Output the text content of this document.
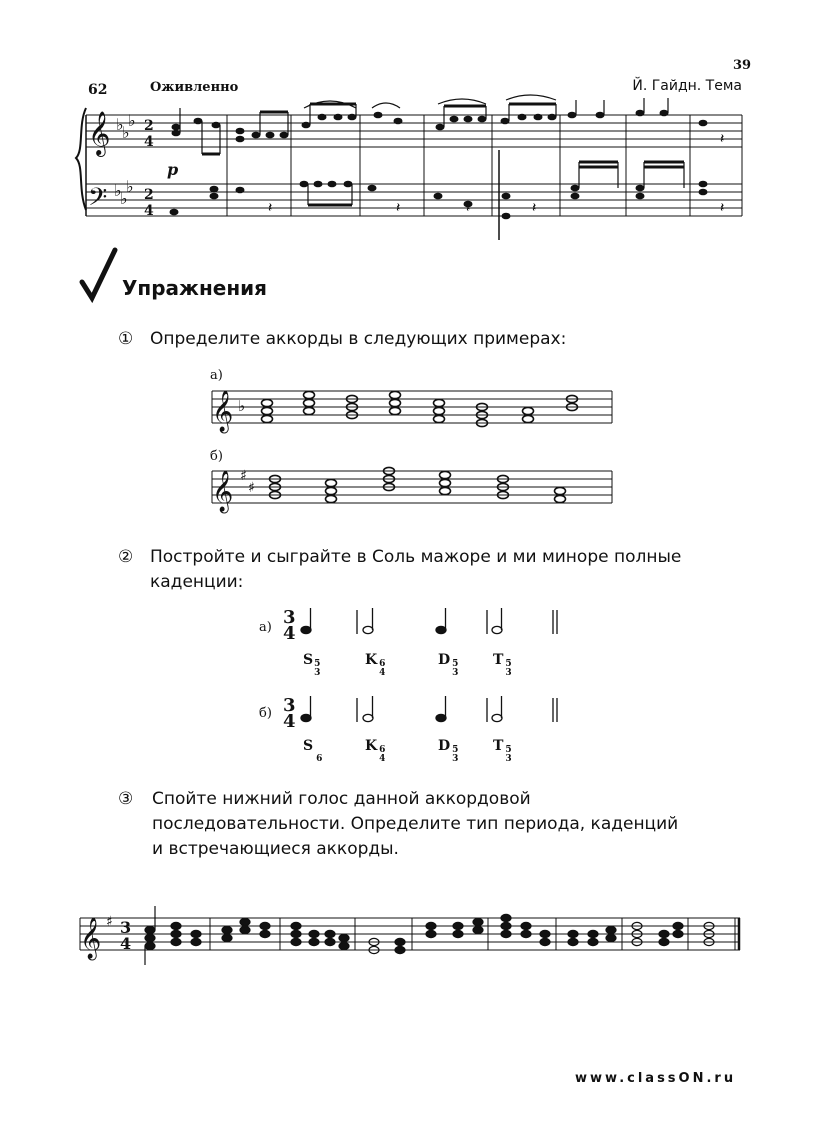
39
62	Оживленно	Й. Гайдн. Тема
𝄞
𝄢
♭
♭
♭
♭
♭
♭
2
4
2
4
p
𝄽	𝄽	𝄽	𝄽	𝄽
𝄽
𝄞 ♭
𝄞 ♯
♯
3
4
3
4
𝄞 ♯ 3
4
Упражнения
① Определите аккорды в следующих примерах:
а)
б)
② Постройте и сыграйте в Соль мажоре и ми миноре полные каденции:
а)
б)
S 5
3
K 6
4
D 5
3
T 5
3
S
6
K 6
4
D 5
3
T 5
3
③ Спойте нижний голос данной аккордовой последовательности. Определите тип периода, каденций и встречающиеся аккорды.
www.classON.ru
